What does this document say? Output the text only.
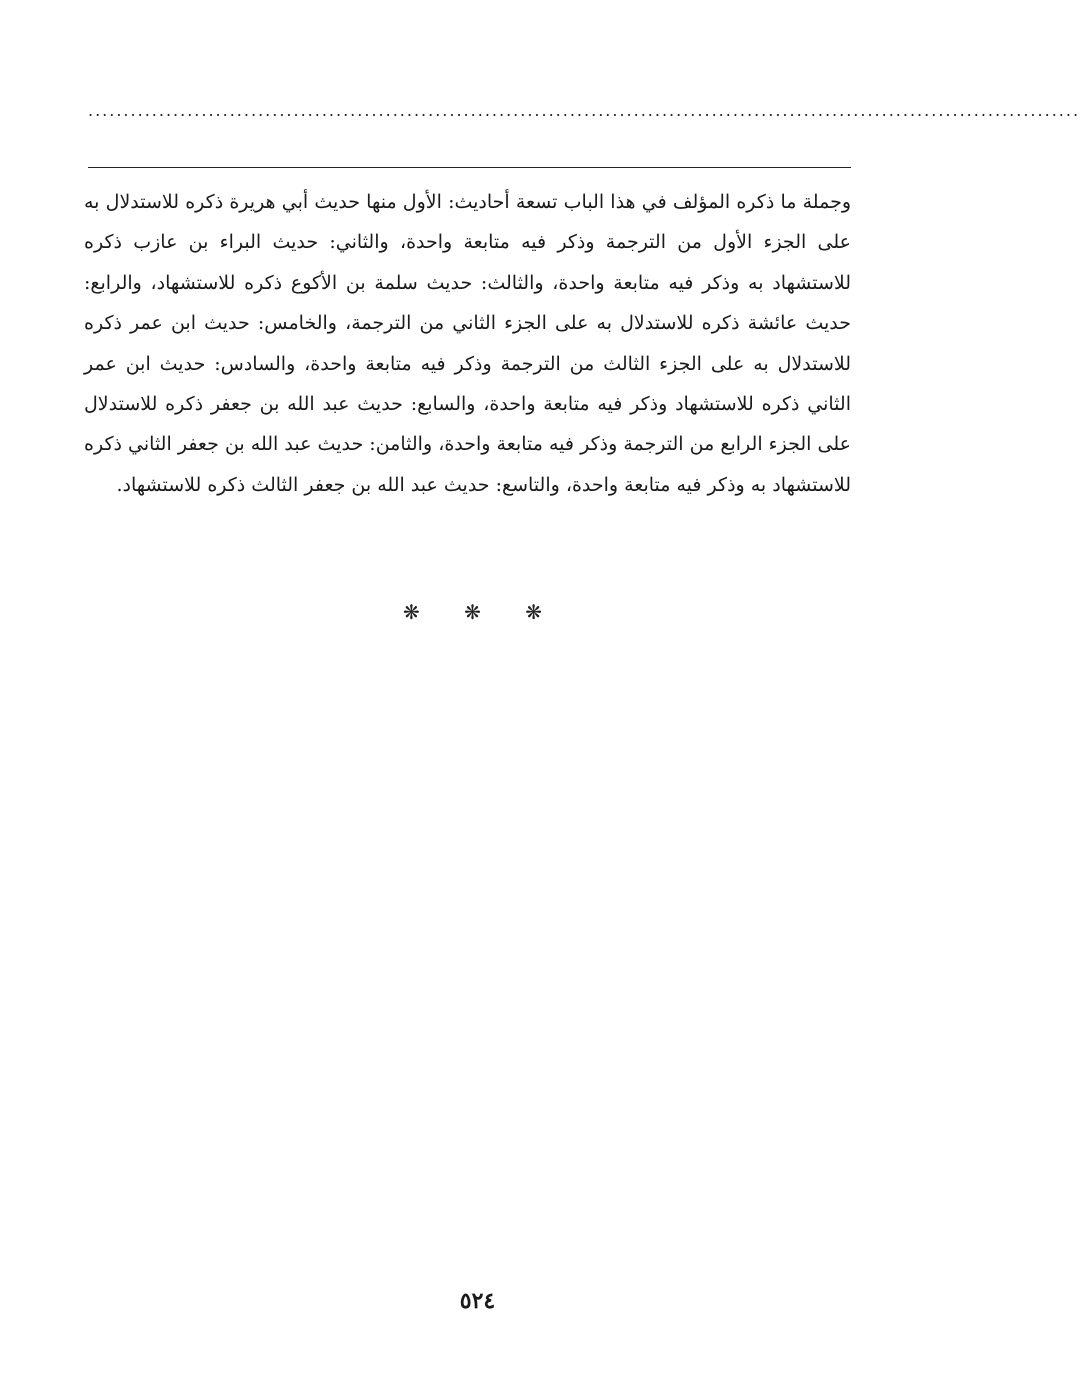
............................................................................................................................................

وجملة ما ذكره المؤلف في هذا الباب تسعة أحاديث: الأول منها حديث أبي هريرة ذكره للاستدلال به على الجزء الأول من الترجمة وذكر فيه متابعة واحدة، والثاني: حديث البراء بن عازب ذكره للاستشهاد به وذكر فيه متابعة واحدة، والثالث: حديث سلمة بن الأكوع ذكره للاستشهاد، والرابع: حديث عائشة ذكره للاستدلال به على الجزء الثاني من الترجمة، والخامس: حديث ابن عمر ذكره للاستدلال به على الجزء الثالث من الترجمة وذكر فيه متابعة واحدة، والسادس: حديث ابن عمر الثاني ذكره للاستشهاد وذكر فيه متابعة واحدة، والسابع: حديث عبد الله بن جعفر ذكره للاستدلال على الجزء الرابع من الترجمة وذكر فيه متابعة واحدة، والثامن: حديث عبد الله بن جعفر الثاني ذكره للاستشهاد به وذكر فيه متابعة واحدة، والتاسع: حديث عبد الله بن جعفر الثالث ذكره للاستشهاد.

❋ ❋ ❋
٥٢٤
